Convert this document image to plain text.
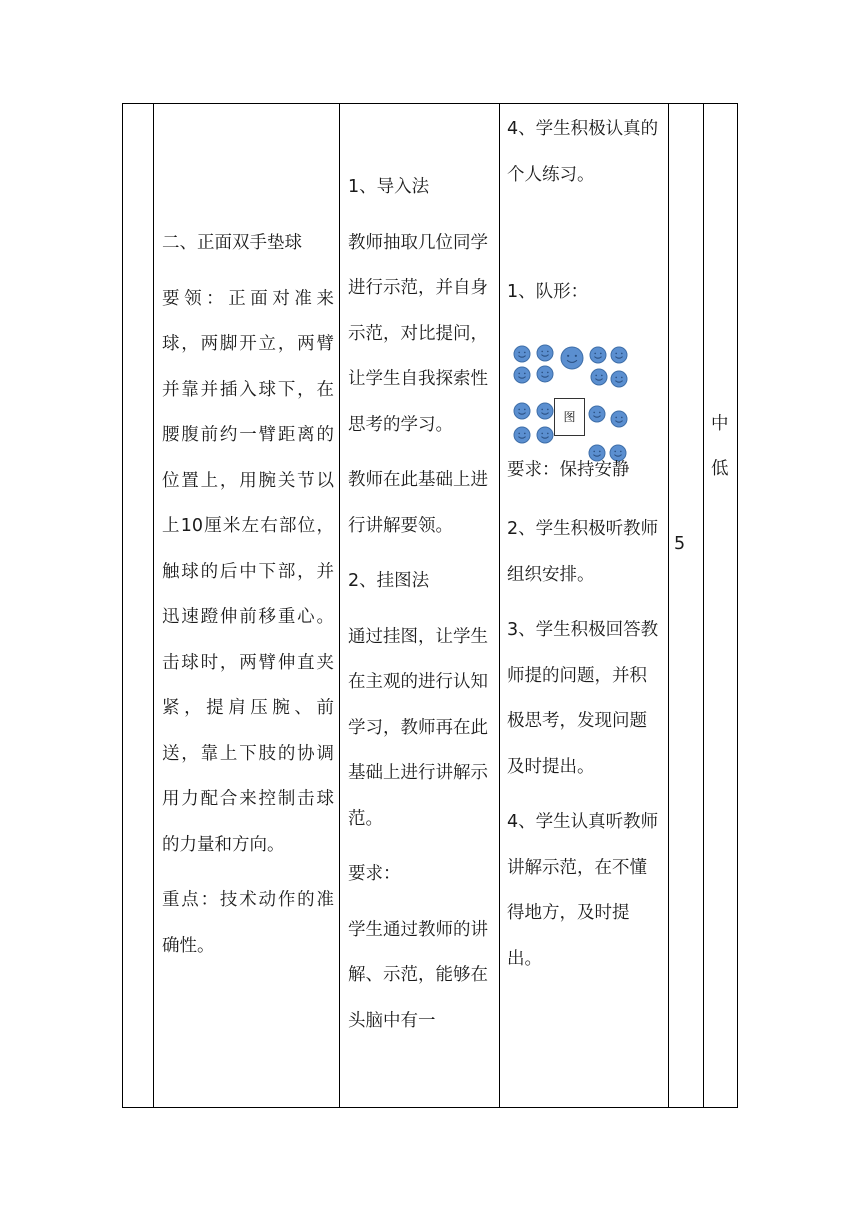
二、正面双手垫球

要领：正面对准来球，两脚开立，两臂并靠并插入球下，在腰腹前约一臂距离的位置上，用腕关节以上10厘米左右部位，触球的后中下部，并迅速蹬伸前移重心。击球时，两臂伸直夹紧，提肩压腕、前送，靠上下肢的协调用力配合来控制击球的力量和方向。

重点：技术动作的准确性。

1、导入法

教师抽取几位同学进行示范，并自身示范，对比提问，让学生自我探索性思考的学习。

教师在此基础上进行讲解要领。

2、挂图法

通过挂图，让学生在主观的进行认知学习，教师再在此基础上进行讲解示范。

要求：

学生通过教师的讲解、示范，能够在头脑中有一

4、学生积极认真的个人练习。

1、队形：

图
要求：保持安静

2、学生积极听教师组织安排。

3、学生积极回答教师提的问题，并积极思考，发现问题及时提出。

4、学生认真听教师讲解示范，在不懂得地方，及时提出。

5
中低
